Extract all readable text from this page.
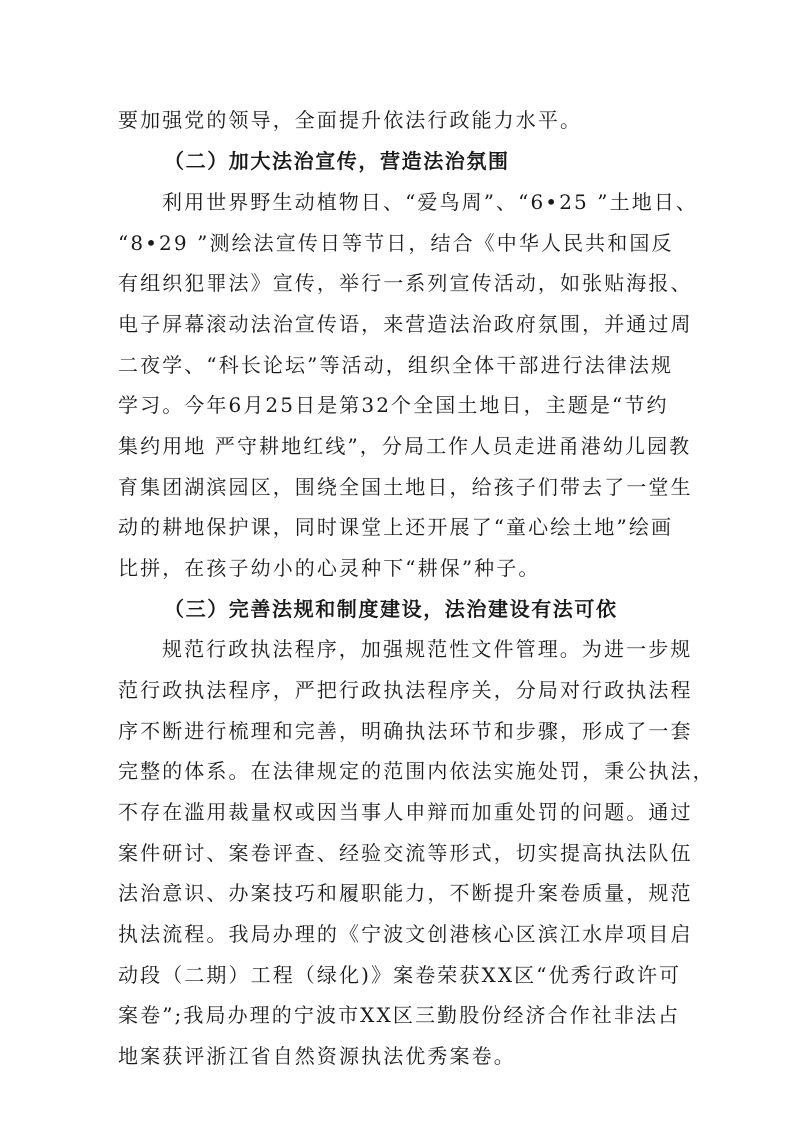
要加强党的领导，全面提升依法行政能力水平。
（二）加大法治宣传，营造法治氛围
利用世界野生动植物日、“爱鸟周”、“6•25 ”土地日、
“8•29 ”测绘法宣传日等节日，结合《中华人民共和国反
有组织犯罪法》宣传，举行一系列宣传活动，如张贴海报、
电子屏幕滚动法治宣传语，来营造法治政府氛围，并通过周
二夜学、“科长论坛”等活动，组织全体干部进行法律法规
学习。今年6月25日是第32个全国土地日，主题是“节约
集约用地 严守耕地红线”，分局工作人员走进甬港幼儿园教
育集团湖滨园区，围绕全国土地日，给孩子们带去了一堂生
动的耕地保护课，同时课堂上还开展了“童心绘土地”绘画
比拼，在孩子幼小的心灵种下“耕保”种子。
（三）完善法规和制度建设，法治建设有法可依
规范行政执法程序，加强规范性文件管理。为进一步规
范行政执法程序，严把行政执法程序关，分局对行政执法程
序不断进行梳理和完善，明确执法环节和步骤，形成了一套
完整的体系。在法律规定的范围内依法实施处罚，秉公执法，
不存在滥用裁量权或因当事人申辩而加重处罚的问题。通过
案件研讨、案卷评查、经验交流等形式，切实提高执法队伍
法治意识、办案技巧和履职能力，不断提升案卷质量，规范
执法流程。我局办理的《宁波文创港核心区滨江水岸项目启
动段（二期）工程（绿化)》案卷荣获XX区“优秀行政许可
案卷”;我局办理的宁波市XX区三勤股份经济合作社非法占
地案获评浙江省自然资源执法优秀案卷。
